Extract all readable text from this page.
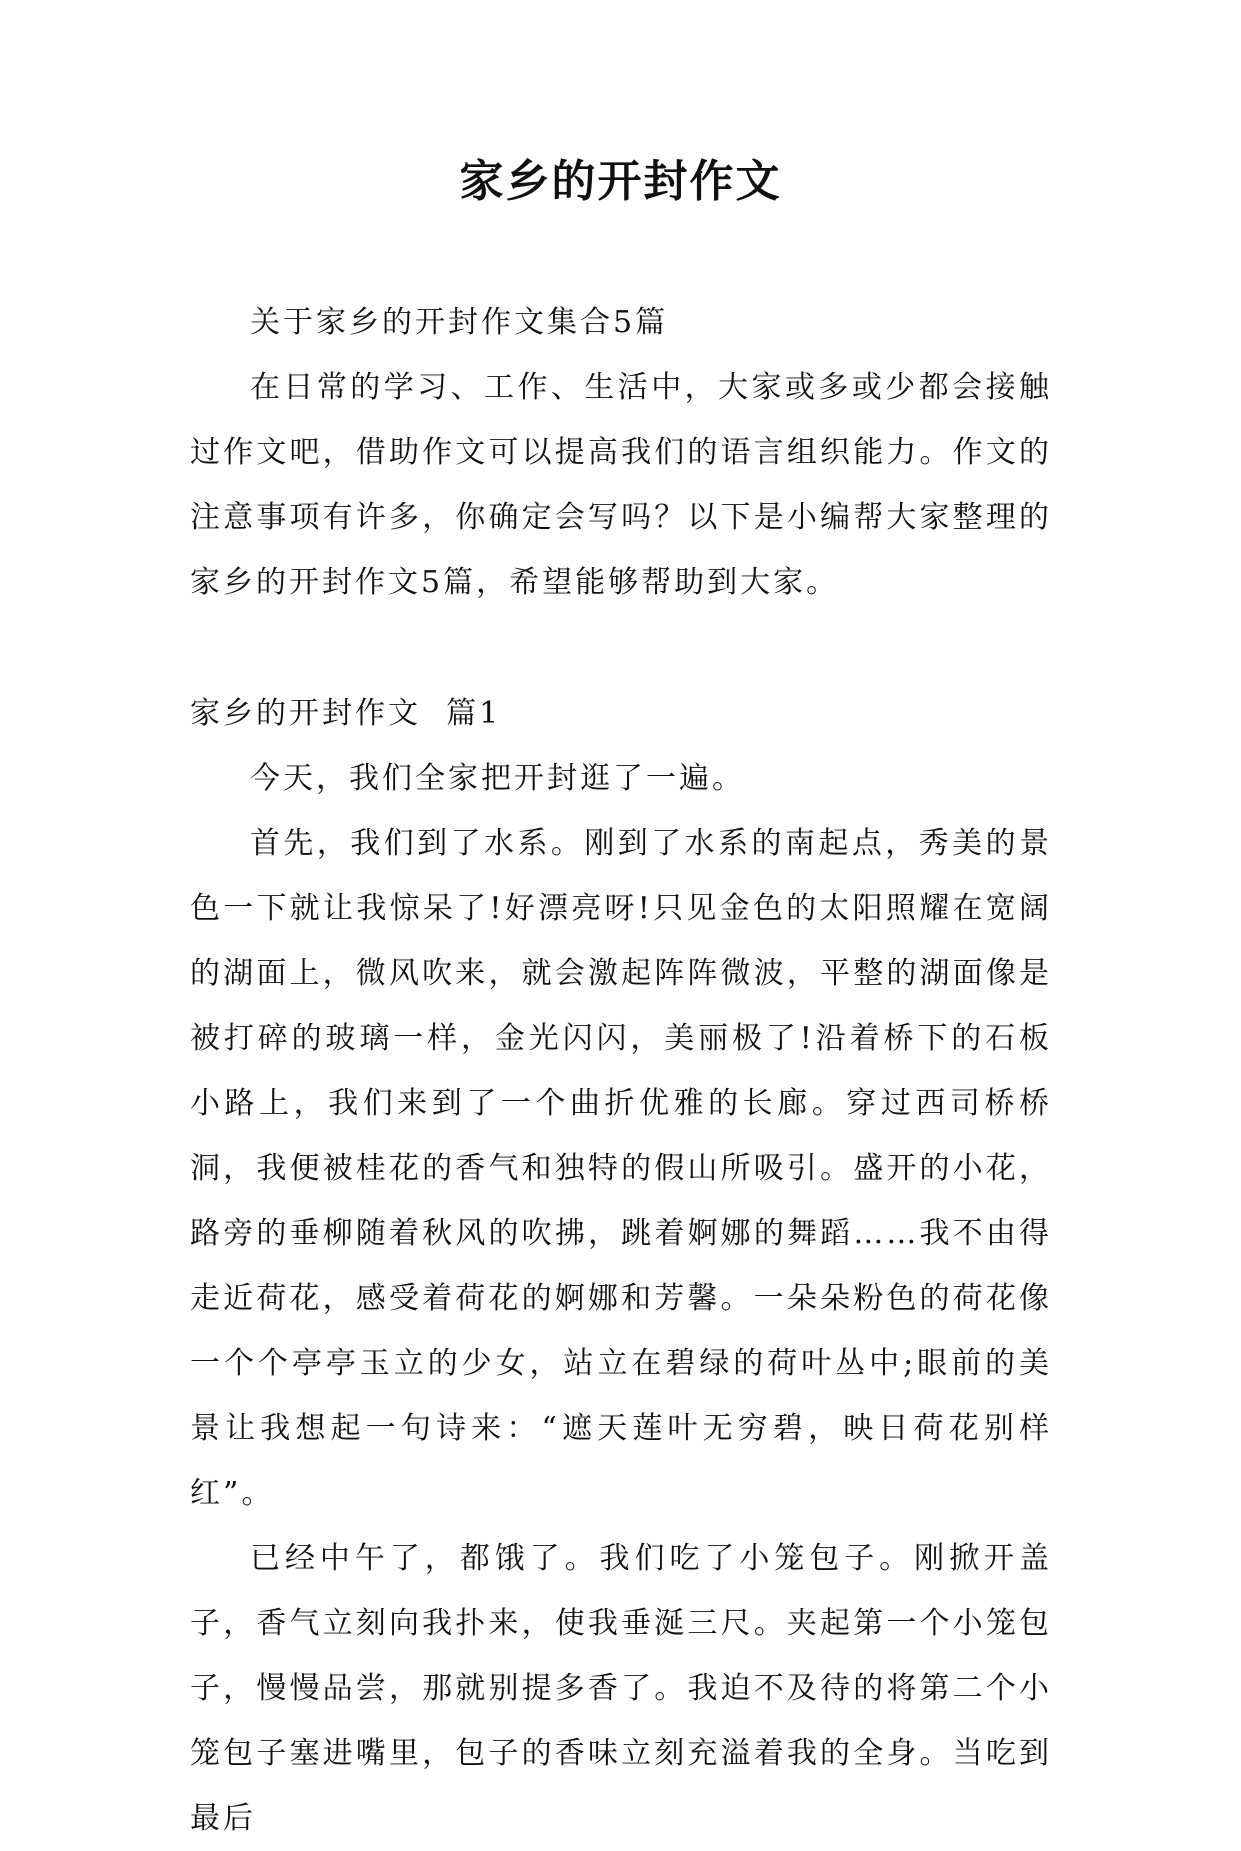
家乡的开封作文

关于家乡的开封作文集合5篇

在日常的学习、工作、生活中，大家或多或少都会接触过作文吧，借助作文可以提高我们的语言组织能力。作文的注意事项有许多，你确定会写吗？以下是小编帮大家整理的家乡的开封作文5篇，希望能够帮助到大家。

家乡的开封作文  篇1

今天，我们全家把开封逛了一遍。

首先，我们到了水系。刚到了水系的南起点，秀美的景色一下就让我惊呆了!好漂亮呀!只见金色的太阳照耀在宽阔的湖面上，微风吹来，就会激起阵阵微波，平整的湖面像是被打碎的玻璃一样，金光闪闪，美丽极了!沿着桥下的石板小路上，我们来到了一个曲折优雅的长廊。穿过西司桥桥洞，我便被桂花的香气和独特的假山所吸引。盛开的小花，路旁的垂柳随着秋风的吹拂，跳着婀娜的舞蹈……我不由得走近荷花，感受着荷花的婀娜和芳馨。一朵朵粉色的荷花像一个个亭亭玉立的少女，站立在碧绿的荷叶丛中;眼前的美景让我想起一句诗来：“遮天莲叶无穷碧，映日荷花别样红”。

已经中午了，都饿了。我们吃了小笼包子。刚掀开盖子，香气立刻向我扑来，使我垂涎三尺。夹起第一个小笼包子，慢慢品尝，那就别提多香了。我迫不及待的将第二个小笼包子塞进嘴里，包子的香味立刻充溢着我的全身。当吃到最后
